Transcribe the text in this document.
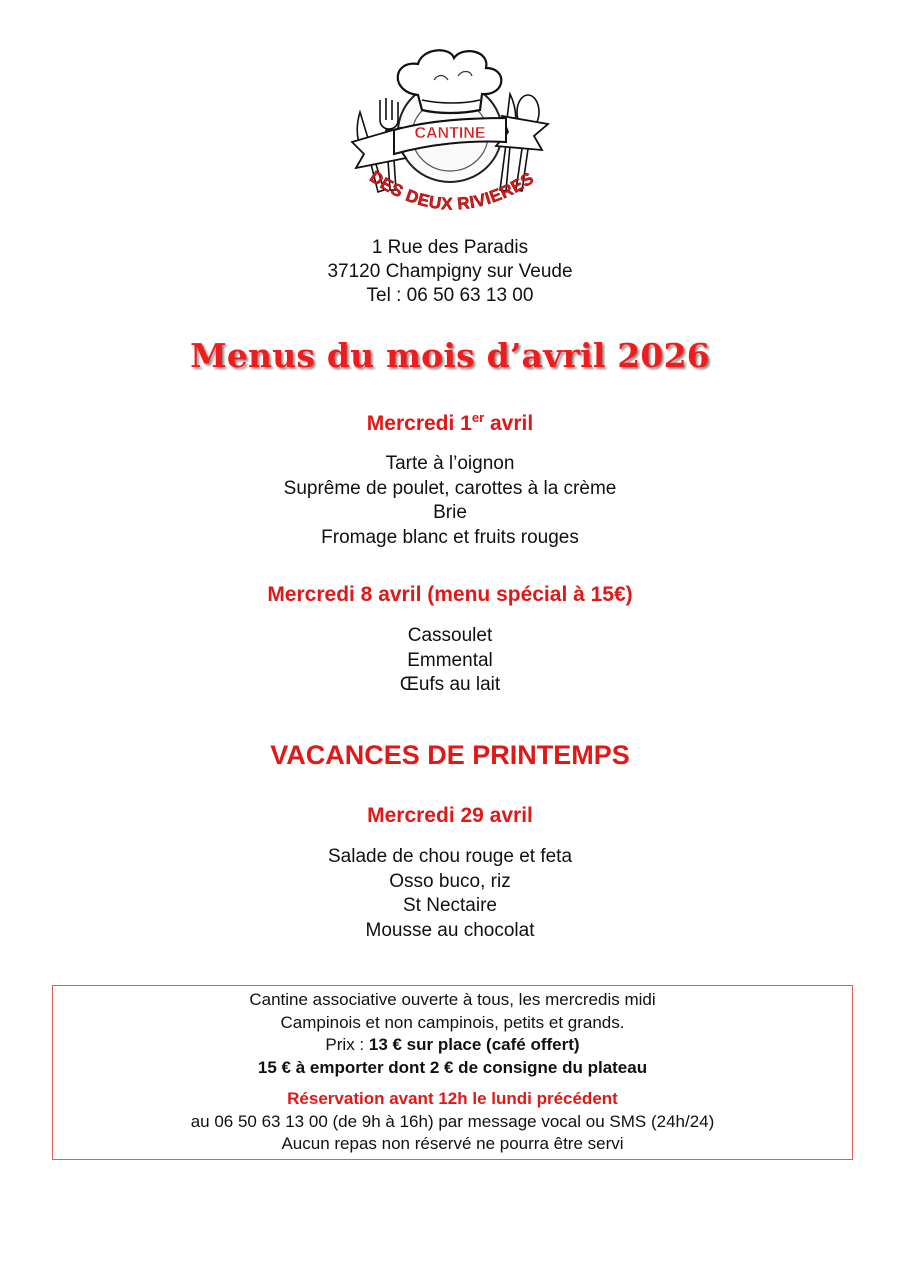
CANTINE
DES DEUX RIVIERES
1 Rue des Paradis
37120 Champigny sur Veude
Tel : 06 50 63 13 00
Menus du mois d’avril 2026
Mercredi 1er avril
Tarte à l’oignon
Suprême de poulet, carottes à la crème
Brie
Fromage blanc et fruits rouges
Mercredi 8 avril (menu spécial à 15€)
Cassoulet
Emmental
Œufs au lait
VACANCES DE PRINTEMPS
Mercredi 29 avril
Salade de chou rouge et feta
Osso buco, riz
St Nectaire
Mousse au chocolat
Cantine associative ouverte à tous, les mercredis midi
Campinois et non campinois, petits et grands.
Prix : 13 € sur place (café offert)
15 € à emporter dont 2 € de consigne du plateau
Réservation avant 12h le lundi précédent
au 06 50 63 13 00 (de 9h à 16h) par message vocal ou SMS (24h/24)
Aucun repas non réservé ne pourra être servi
